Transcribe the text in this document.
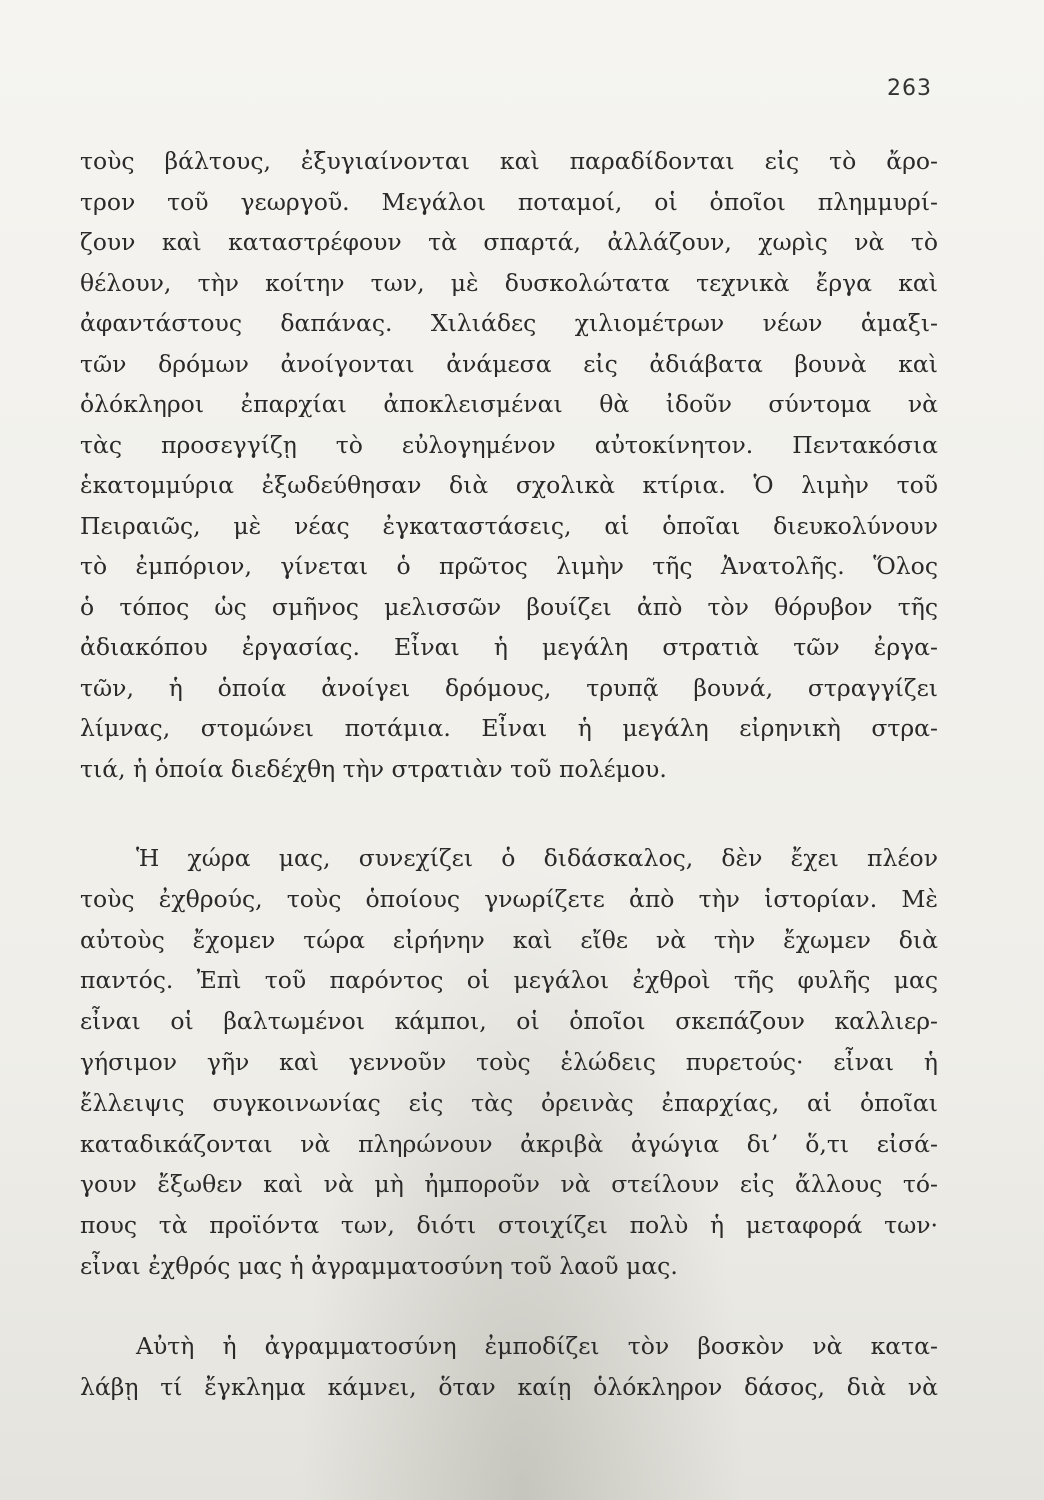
263
τοὺς βάλτους, ἐξυγιαίνονται καὶ παραδίδονται εἰς τὸ ἄρο-
τρον τοῦ γεωργοῦ. Μεγάλοι ποταμοί, οἱ ὁποῖοι πλημμυρί-
ζουν καὶ καταστρέφουν τὰ σπαρτά, ἀλλάζουν, χωρὶς νὰ τὸ
θέλουν, τὴν κοίτην των, μὲ δυσκολώτατα τεχνικὰ ἔργα καὶ
ἀφαντάστους δαπάνας. Χιλιάδες χιλιομέτρων νέων ἁμαξι-
τῶν δρόμων ἀνοίγονται ἀνάμεσα εἰς ἀδιάβατα βουνὰ καὶ
ὁλόκληροι ἐπαρχίαι ἀποκλεισμέναι θὰ ἰδοῦν σύντομα νὰ
τὰς προσεγγίζῃ τὸ εὐλογημένον αὐτοκίνητον. Πεντακόσια
ἑκατομμύρια ἐξωδεύθησαν διὰ σχολικὰ κτίρια. Ὁ λιμὴν τοῦ
Πειραιῶς, μὲ νέας ἐγκαταστάσεις, αἱ ὁποῖαι διευκολύνουν
τὸ ἐμπόριον, γίνεται ὁ πρῶτος λιμὴν τῆς Ἀνατολῆς. Ὅλος
ὁ τόπος ὡς σμῆνος μελισσῶν βουίζει ἀπὸ τὸν θόρυβον τῆς
ἀδιακόπου ἐργασίας. Εἶναι ἡ μεγάλη στρατιὰ τῶν ἐργα-
τῶν, ἡ ὁποία ἀνοίγει δρόμους, τρυπᾷ βουνά, στραγγίζει
λίμνας, στομώνει ποτάμια. Εἶναι ἡ μεγάλη εἰρηνικὴ στρα-
τιά, ἡ ὁποία διεδέχθη τὴν στρατιὰν τοῦ πολέμου.
Ἡ χώρα μας, συνεχίζει ὁ διδάσκαλος, δὲν ἔχει πλέον
τοὺς ἐχθρούς, τοὺς ὁποίους γνωρίζετε ἀπὸ τὴν ἱστορίαν. Μὲ
αὐτοὺς ἔχομεν τώρα εἰρήνην καὶ εἴθε νὰ τὴν ἔχωμεν διὰ
παντός. Ἐπὶ τοῦ παρόντος οἱ μεγάλοι ἐχθροὶ τῆς φυλῆς μας
εἶναι οἱ βαλτωμένοι κάμποι, οἱ ὁποῖοι σκεπάζουν καλλιερ-
γήσιμον γῆν καὶ γεννοῦν τοὺς ἑλώδεις πυρετούς· εἶναι ἡ
ἔλλειψις συγκοινωνίας εἰς τὰς ὀρεινὰς ἐπαρχίας, αἱ ὁποῖαι
καταδικάζονται νὰ πληρώνουν ἀκριβὰ ἀγώγια διʼ ὅ,τι εἰσά-
γουν ἔξωθεν καὶ νὰ μὴ ἠμποροῦν νὰ στείλουν εἰς ἄλλους τό-
πους τὰ προϊόντα των, διότι στοιχίζει πολὺ ἡ μεταφορά των·
εἶναι ἐχθρός μας ἡ ἀγραμματοσύνη τοῦ λαοῦ μας.
Αὐτὴ ἡ ἀγραμματοσύνη ἐμποδίζει τὸν βοσκὸν νὰ κατα-
λάβῃ τί ἔγκλημα κάμνει, ὅταν καίῃ ὁλόκληρον δάσος, διὰ νὰ
